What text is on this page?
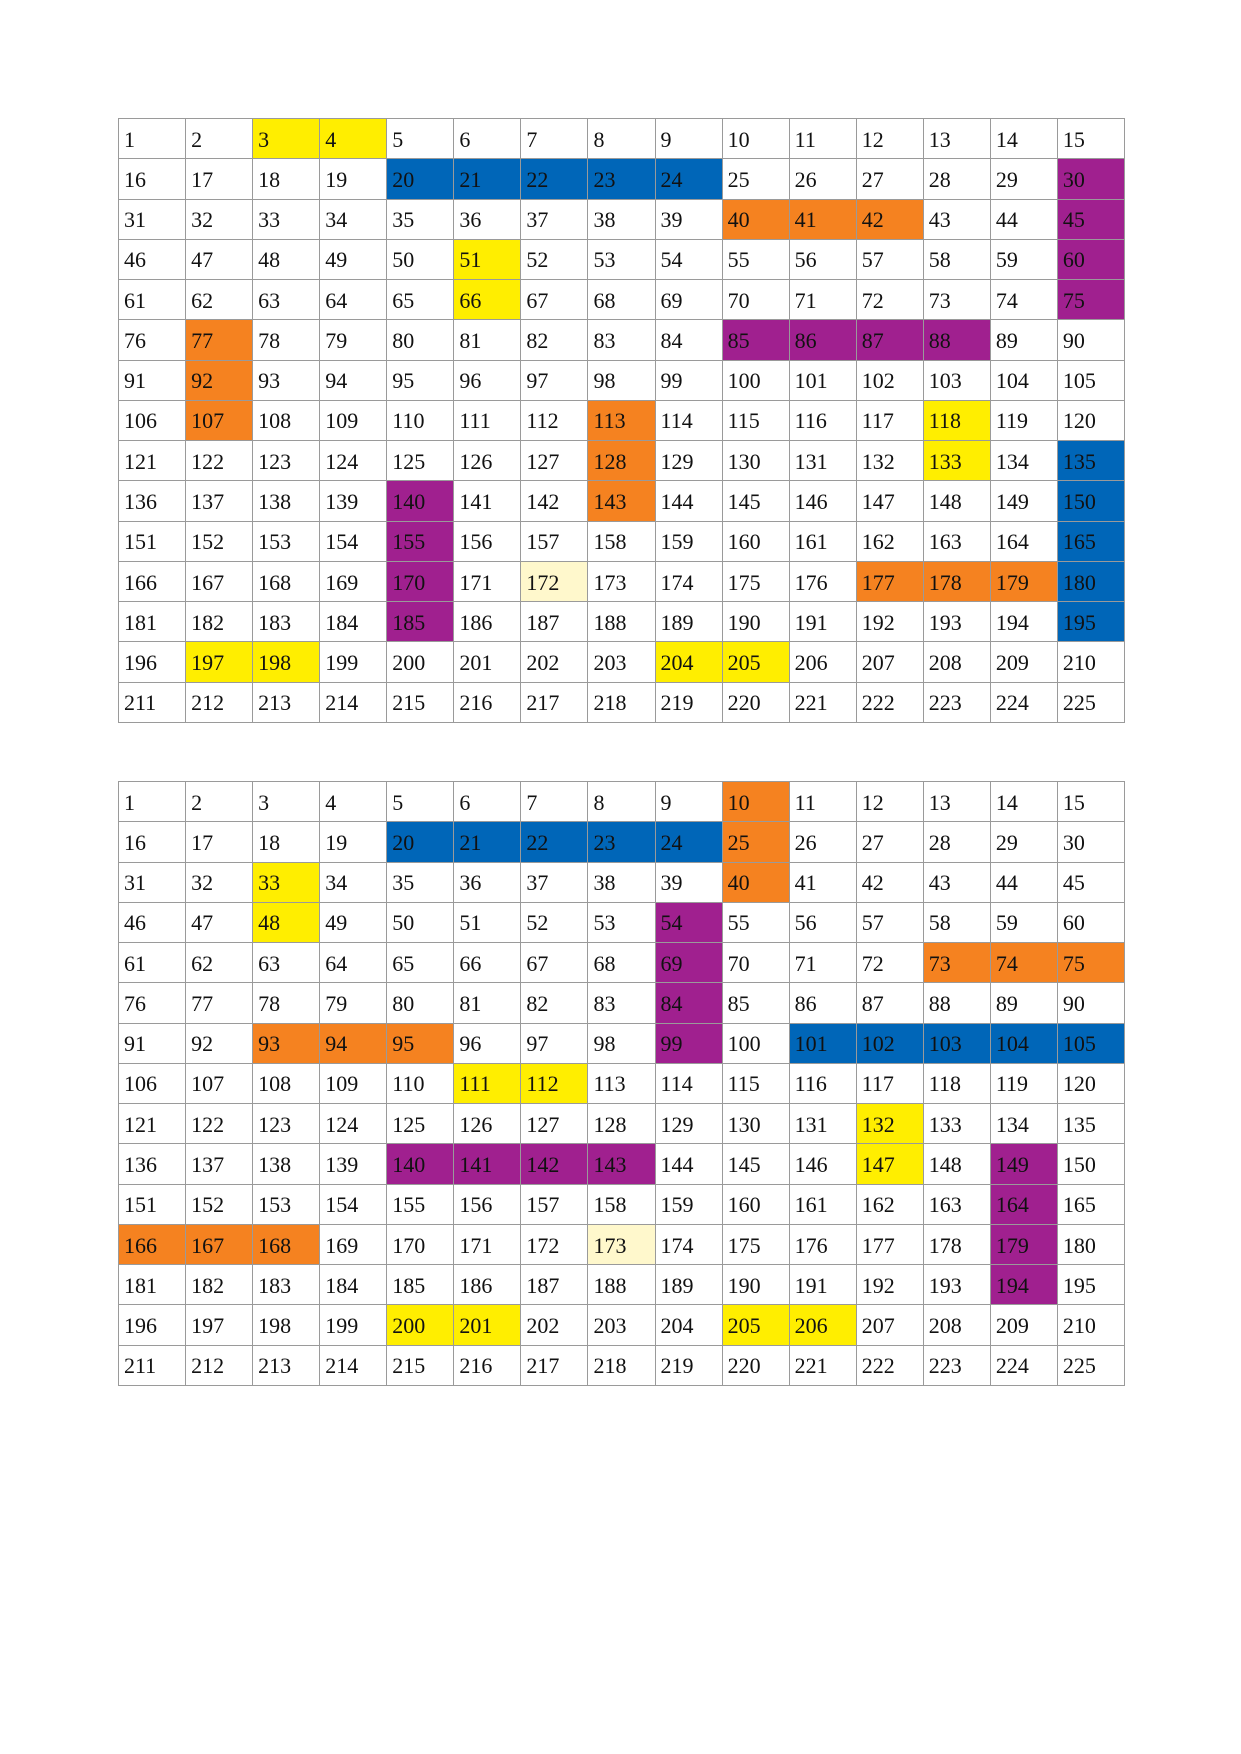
1	2	3	4	5	6	7	8	9	10	11	12	13	14	15
16	17	18	19	20	21	22	23	24	25	26	27	28	29	30
31	32	33	34	35	36	37	38	39	40	41	42	43	44	45
46	47	48	49	50	51	52	53	54	55	56	57	58	59	60
61	62	63	64	65	66	67	68	69	70	71	72	73	74	75
76	77	78	79	80	81	82	83	84	85	86	87	88	89	90
91	92	93	94	95	96	97	98	99	100	101	102	103	104	105
106	107	108	109	110	111	112	113	114	115	116	117	118	119	120
121	122	123	124	125	126	127	128	129	130	131	132	133	134	135
136	137	138	139	140	141	142	143	144	145	146	147	148	149	150
151	152	153	154	155	156	157	158	159	160	161	162	163	164	165
166	167	168	169	170	171	172	173	174	175	176	177	178	179	180
181	182	183	184	185	186	187	188	189	190	191	192	193	194	195
196	197	198	199	200	201	202	203	204	205	206	207	208	209	210
211	212	213	214	215	216	217	218	219	220	221	222	223	224	225
1	2	3	4	5	6	7	8	9	10	11	12	13	14	15
16	17	18	19	20	21	22	23	24	25	26	27	28	29	30
31	32	33	34	35	36	37	38	39	40	41	42	43	44	45
46	47	48	49	50	51	52	53	54	55	56	57	58	59	60
61	62	63	64	65	66	67	68	69	70	71	72	73	74	75
76	77	78	79	80	81	82	83	84	85	86	87	88	89	90
91	92	93	94	95	96	97	98	99	100	101	102	103	104	105
106	107	108	109	110	111	112	113	114	115	116	117	118	119	120
121	122	123	124	125	126	127	128	129	130	131	132	133	134	135
136	137	138	139	140	141	142	143	144	145	146	147	148	149	150
151	152	153	154	155	156	157	158	159	160	161	162	163	164	165
166	167	168	169	170	171	172	173	174	175	176	177	178	179	180
181	182	183	184	185	186	187	188	189	190	191	192	193	194	195
196	197	198	199	200	201	202	203	204	205	206	207	208	209	210
211	212	213	214	215	216	217	218	219	220	221	222	223	224	225
